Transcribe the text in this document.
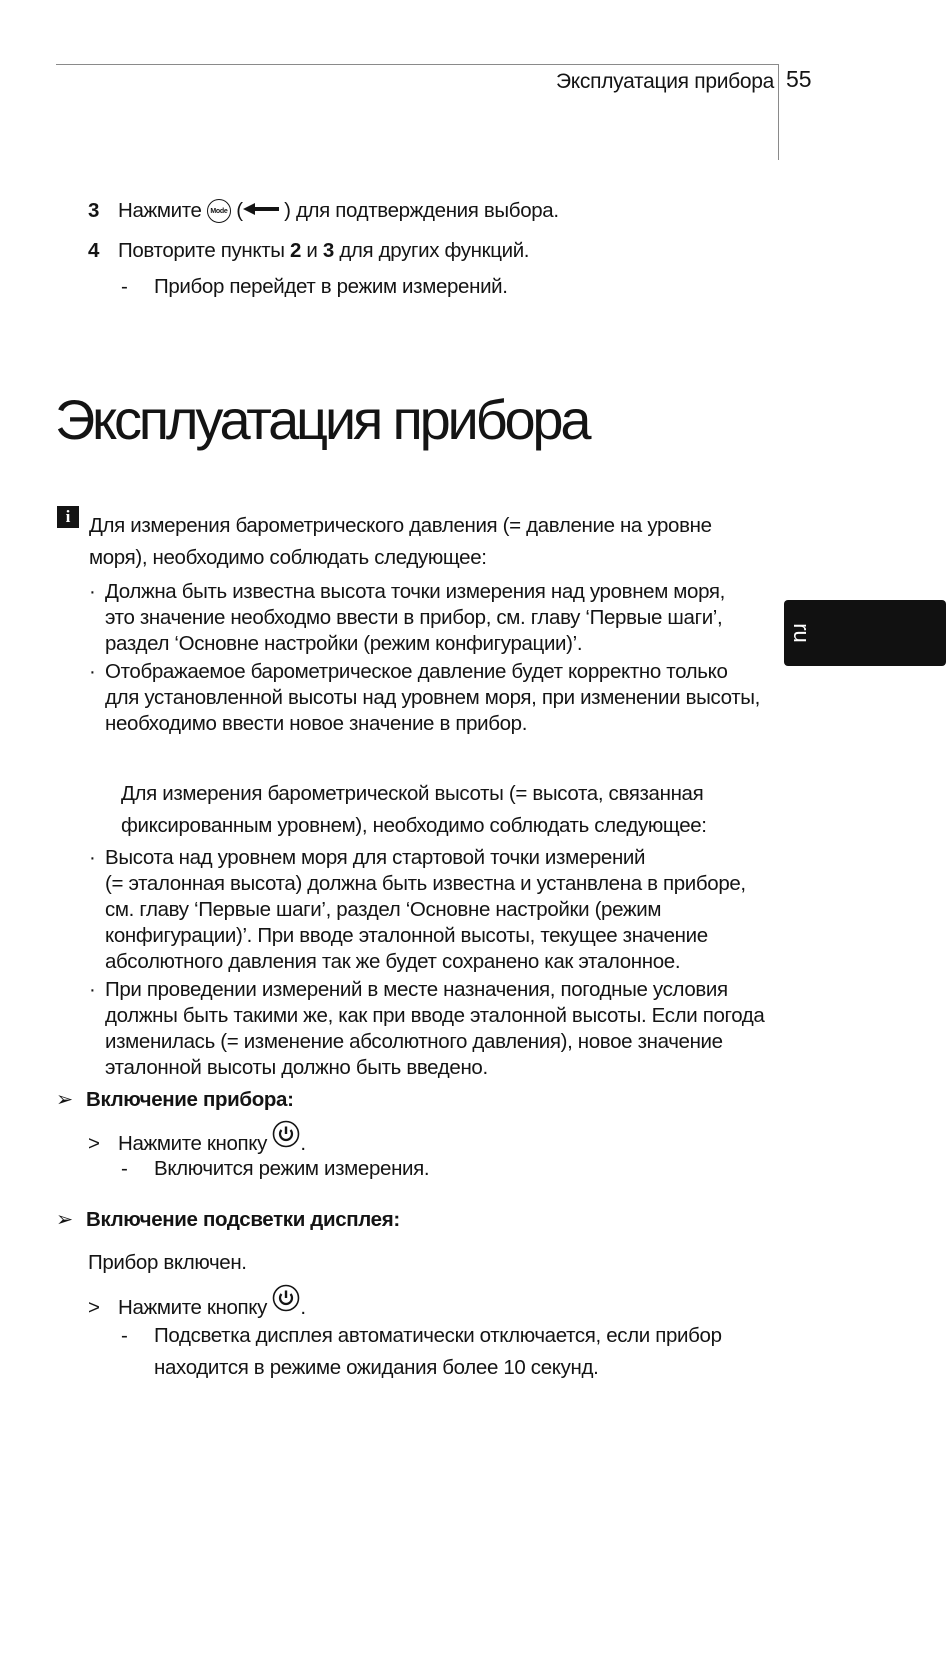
Эксплуатация прибора 55
3 Нажмите Mode ( ) для подтверждения выбора.
4 Повторите пункты 2 и 3 для других функций.
- Прибор перейдет в режим измерений.
Эксплуатация прибора
i Для измерения барометрического давления (= давление на уровне
моря), необходимо соблюдать следующее:
· Должна быть известна высота точки измерения над уровнем моря,
это значение необходмо ввести в прибор, см. главу ‘Первые шаги’,
раздел ‘Основне настройки (режим конфигурации)’.
· Отображаемое барометрическое давление будет корректно только
для установленной высоты над уровнем моря, при изменении высоты,
необходимо ввести новое значение в прибор.
Для измерения барометрической высоты (= высота, связанная
фиксированным уровнем), необходимо соблюдать следующее:
· Высота над уровнем моря для стартовой точки измерений
(= эталонная высота) должна быть известна и устанвлена в приборе,
см. главу ‘Первые шаги’, раздел ‘Основне настройки (режим
конфигурации)’. При вводе эталонной высоты, текущее значение
абсолютного давления так же будет сохранено как эталонное.
· При проведении измерений в месте назначения, погодные условия
должны быть такими же, как при вводе эталонной высоты. Если погода
изменилась (= изменение абсолютного давления), новое значение
эталонной высоты должно быть введено.
➢ Включение прибора:
> Нажмите кнопку .
- Включится режим измерения.
➢ Включение подсветки дисплея:
Прибор включен.
> Нажмите кнопку .
- Подсветка дисплея автоматически отключается, если прибор
находится в режиме ожидания более 10 секунд.
ru
